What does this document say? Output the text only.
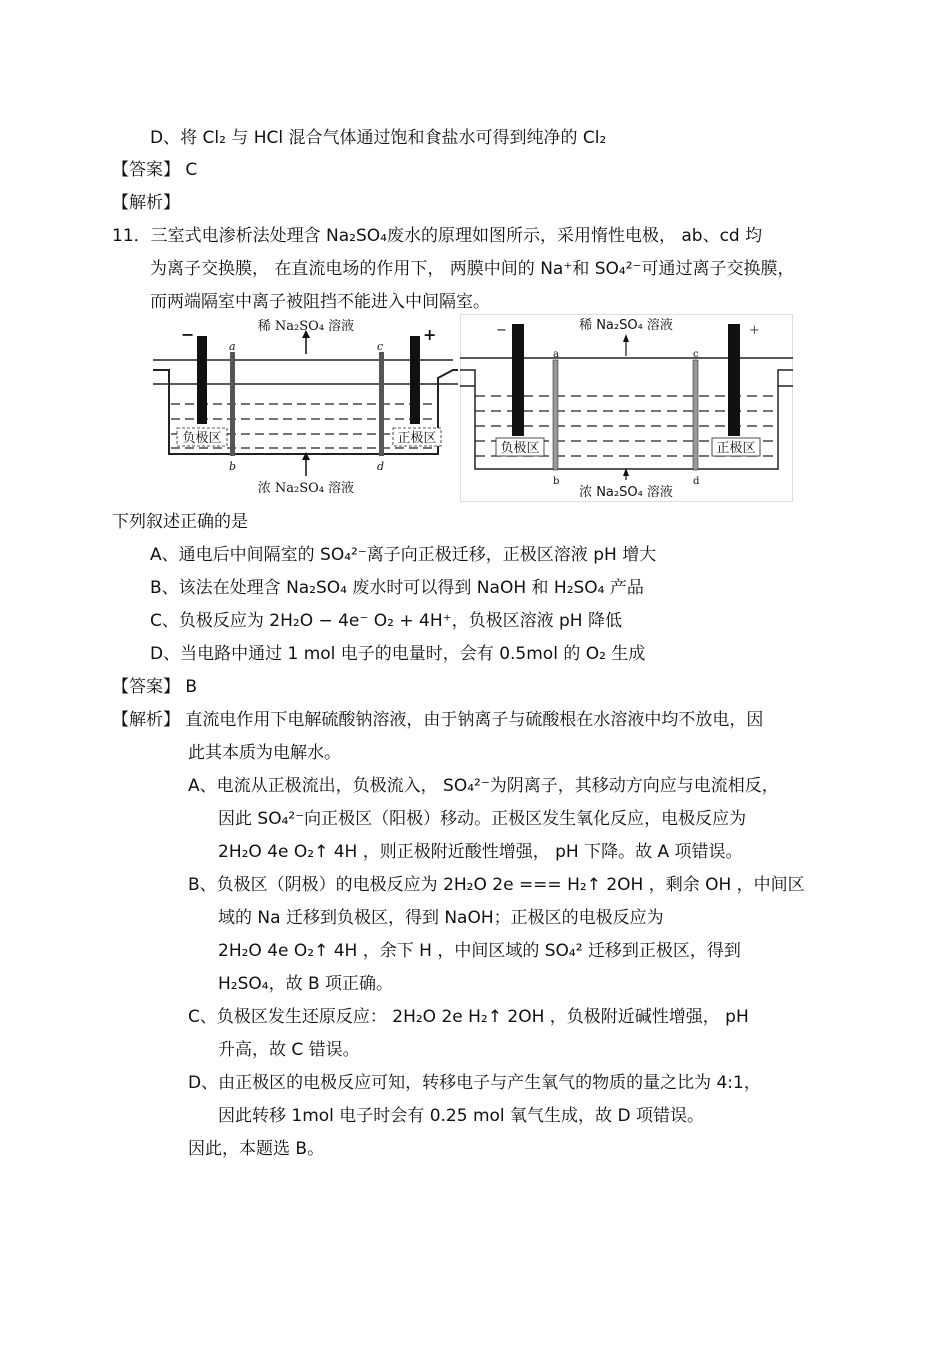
D、将 Cl₂ 与 HCl 混合气体通过饱和食盐水可得到纯净的 Cl₂
【答案】 C
【解析】
11．三室式电渗析法处理含 Na₂SO₄废水的原理如图所示，采用惰性电极， ab、cd 均
为离子交换膜， 在直流电场的作用下， 两膜中间的 Na⁺和 SO₄²⁻可通过离子交换膜，
而两端隔室中离子被阻挡不能进入中间隔室。
−	+
a
b
c
d
稀 Na₂SO₄ 溶液
浓 Na₂SO₄ 溶液
负极区	正极区
−	+
a
b
c
d
稀 Na₂SO₄ 溶液
浓 Na₂SO₄ 溶液
负极区	正极区
下列叙述正确的是
A、通电后中间隔室的 SO₄²⁻离子向正极迁移，正极区溶液 pH 增大
B、该法在处理含 Na₂SO₄ 废水时可以得到 NaOH 和 H₂SO₄ 产品
C、负极反应为 2H₂O − 4e⁻ O₂ + 4H⁺，负极区溶液 pH 降低
D、当电路中通过 1 mol 电子的电量时，会有 0.5mol 的 O₂ 生成
【答案】 B
【解析】 直流电作用下电解硫酸钠溶液，由于钠离子与硫酸根在水溶液中均不放电，因
此其本质为电解水。
A、电流从正极流出，负极流入， SO₄²⁻为阴离子，其移动方向应与电流相反，
因此 SO₄²⁻向正极区（阳极）移动。正极区发生氧化反应，电极反应为
2H₂O 4e O₂↑ 4H ，则正极附近酸性增强， pH 下降。故 A 项错误。
B、负极区（阴极）的电极反应为 2H₂O 2e === H₂↑ 2OH ，剩余 OH ，中间区
域的 Na 迁移到负极区，得到 NaOH；正极区的电极反应为
2H₂O 4e O₂↑ 4H ，余下 H ，中间区域的 SO₄² 迁移到正极区，得到
H₂SO₄，故 B 项正确。
C、负极区发生还原反应： 2H₂O 2e H₂↑ 2OH ，负极附近碱性增强， pH
升高，故 C 错误。
D、由正极区的电极反应可知，转移电子与产生氧气的物质的量之比为 4:1，
因此转移 1mol 电子时会有 0.25 mol 氧气生成，故 D 项错误。
因此，本题选 B。
